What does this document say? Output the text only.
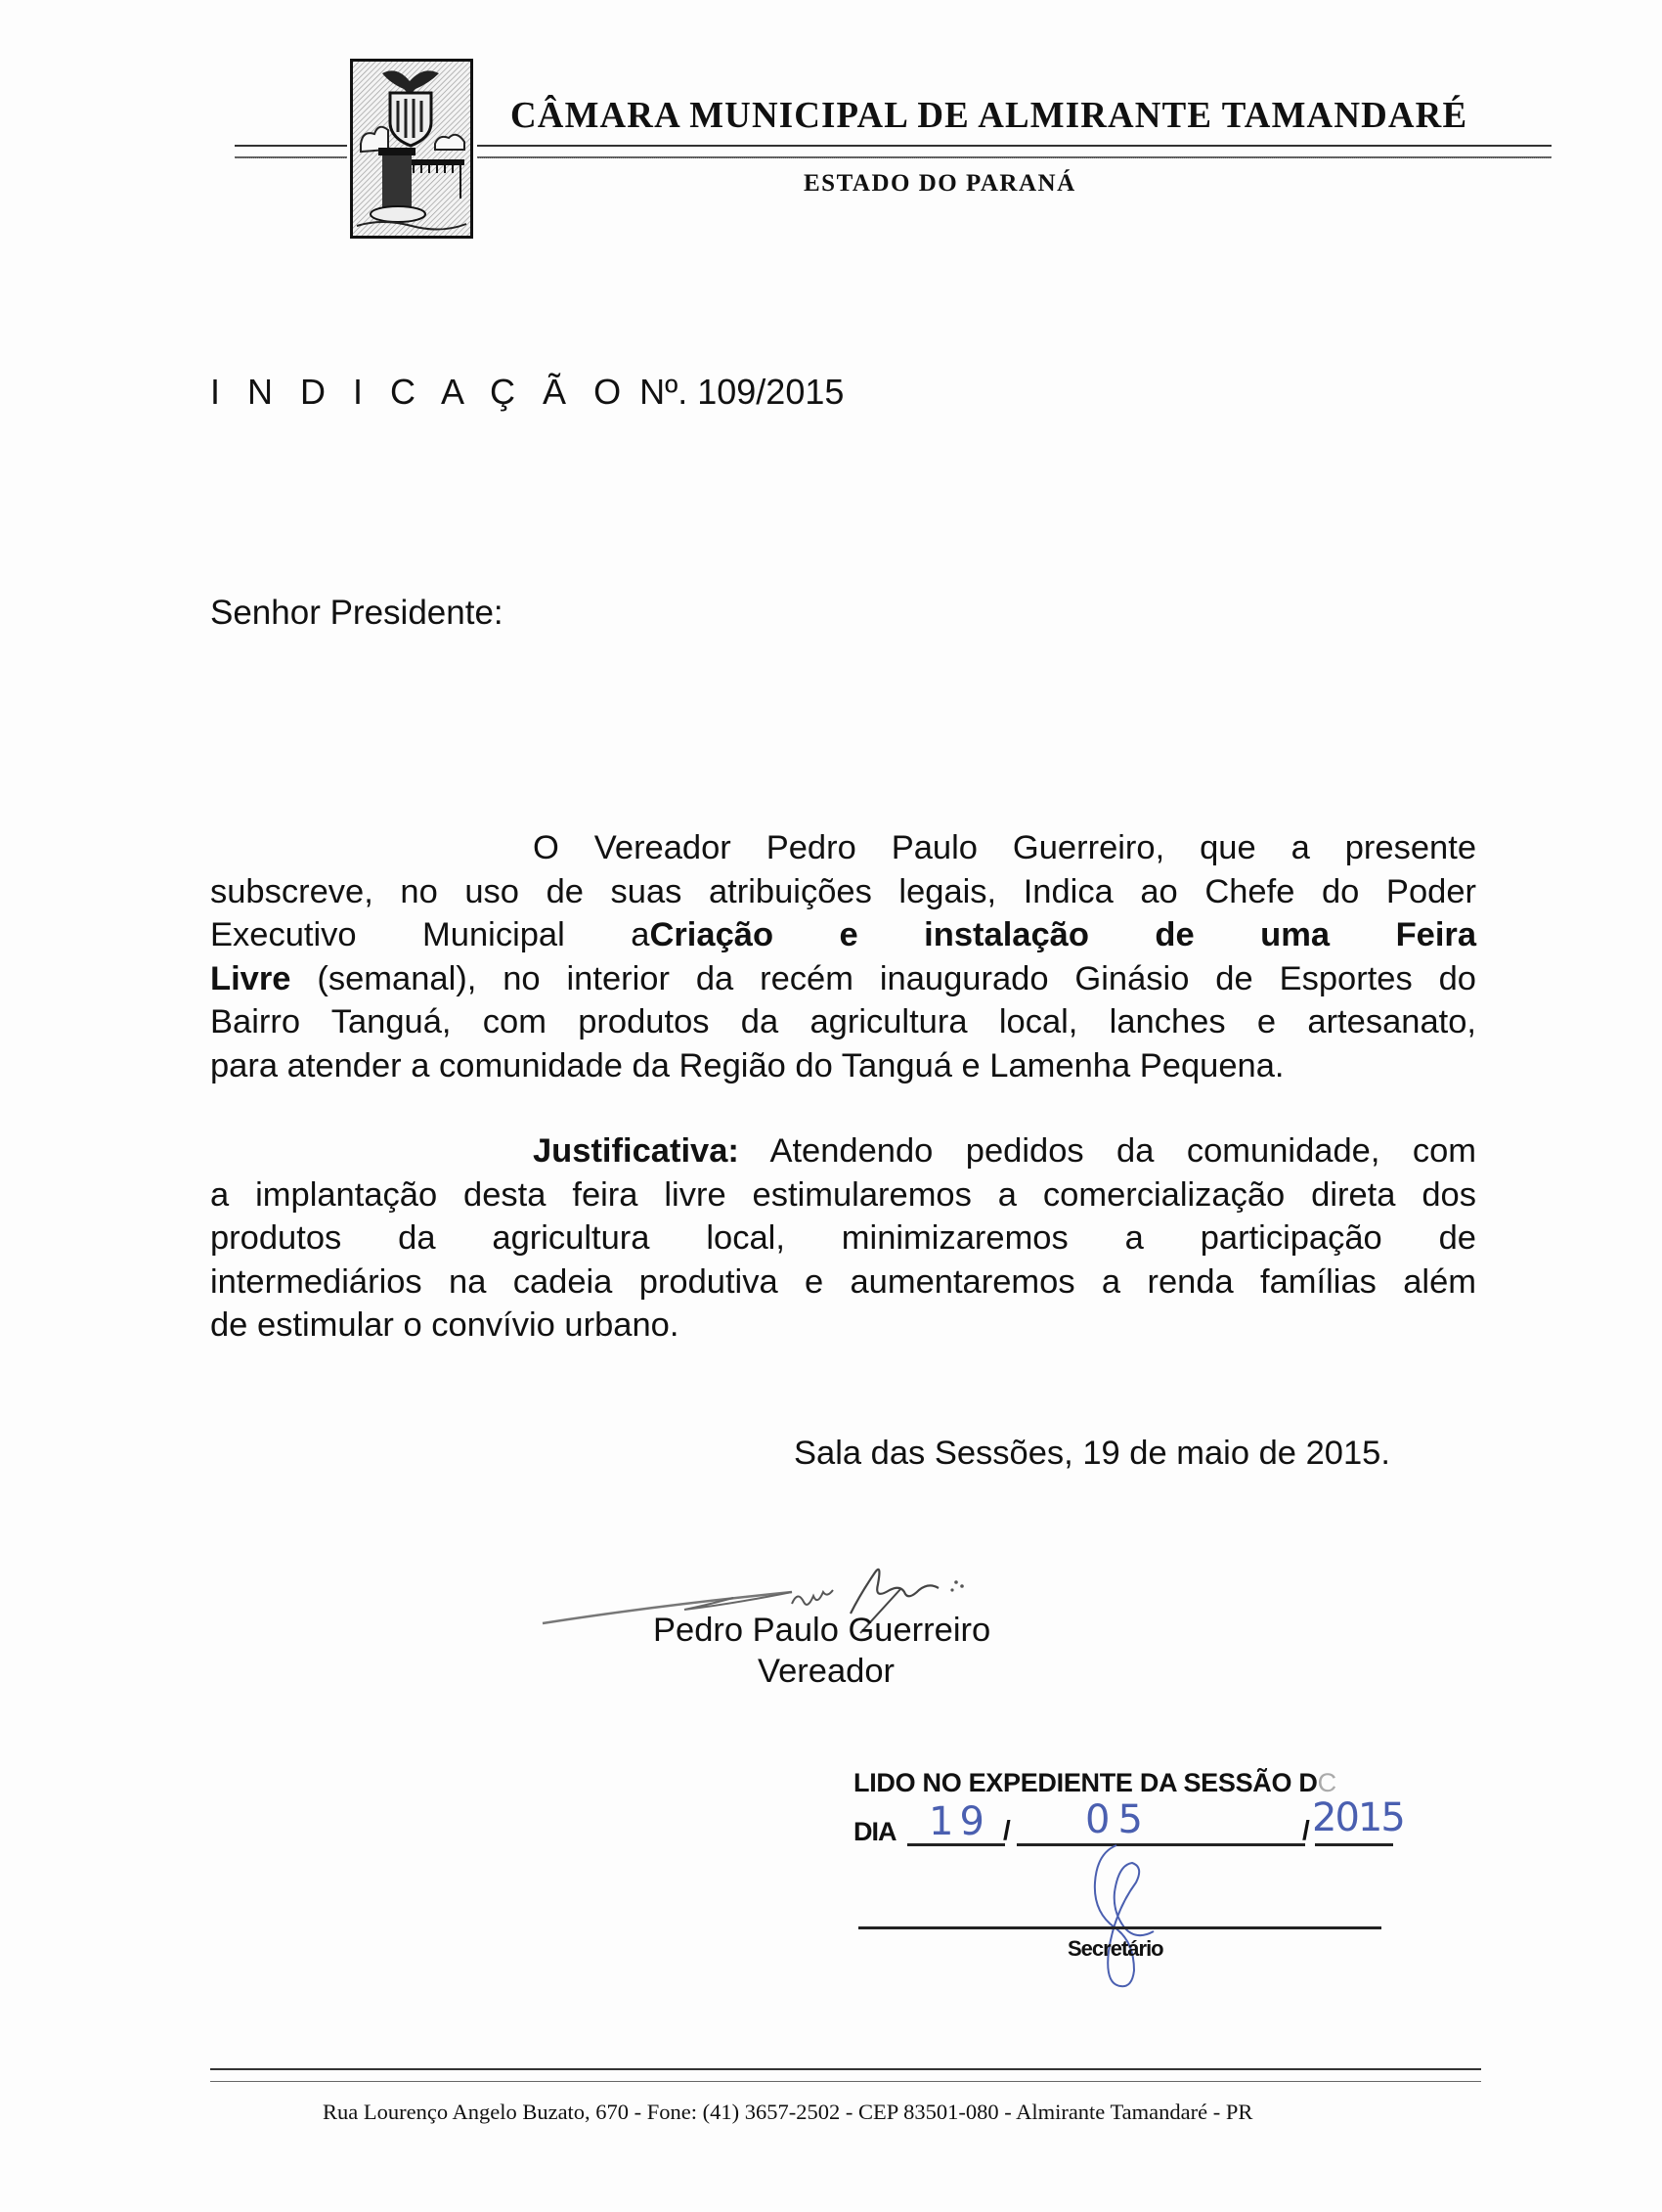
CÂMARA MUNICIPAL DE ALMIRANTE TAMANDARÉ
ESTADO DO PARANÁ
I N D I C A Ç Ã O Nº. 109/2015
Senhor Presidente:
O Vereador Pedro Paulo Guerreiro, que a presente
subscreve, no uso de suas atribuições legais, Indica ao Chefe do Poder
Executivo Municipal aCriação e instalação de uma Feira
Livre (semanal), no interior da recém inaugurado Ginásio de Esportes do
Bairro Tanguá, com produtos da agricultura local, lanches e artesanato,
para atender a comunidade da Região do Tanguá e Lamenha Pequena.
Justificativa: Atendendo pedidos da comunidade, com
a implantação desta feira livre estimularemos a comercialização direta dos
produtos da agricultura local, minimizaremos a participação de
intermediários na cadeia produtiva e aumentaremos a renda famílias além
de estimular o convívio urbano.
Sala das Sessões, 19 de maio de 2015.
Pedro Paulo Guerreiro
Vereador
LIDO NO EXPEDIENTE DA SESSÃO DC
DIA	/	/
19 05	2015
Secretário
Rua Lourenço Angelo Buzato, 670 - Fone: (41) 3657-2502 - CEP 83501-080 - Almirante Tamandaré - PR
